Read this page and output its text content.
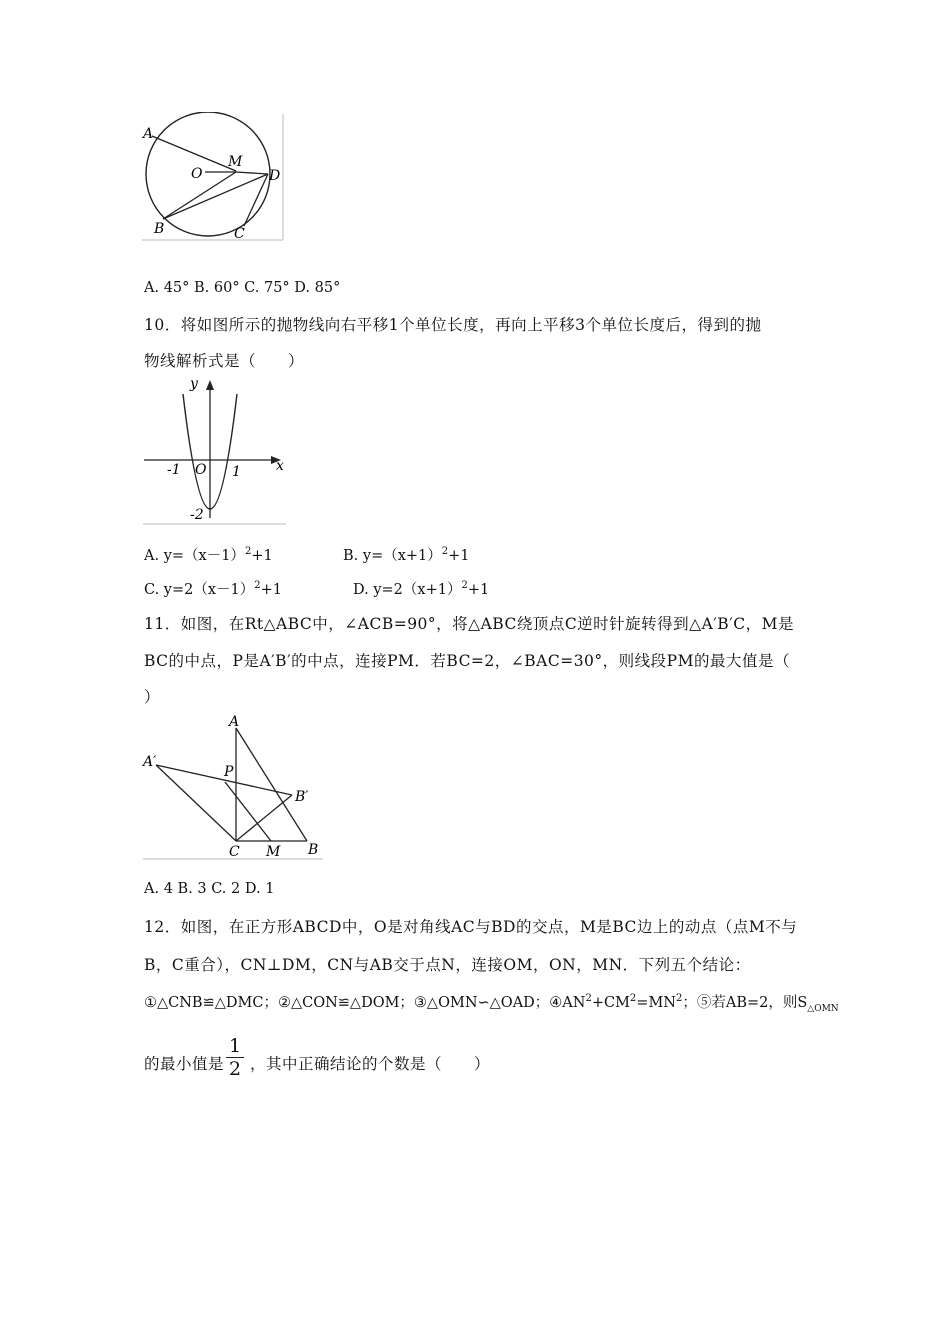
A
M
O	D
B	C
A. 45° B. 60° C. 75° D. 85°
10．将如图所示的抛物线向右平移1个单位长度，再向上平移3个单位长度后，得到的抛
物线解析式是（　　）
y
x
O
-1	1
-2
A. $y=(x-1)^2+1$	B. $y=(x+1)^2+1$
C. $y=2(x-1)^2+1$	D. $y=2(x+1)^2+1$
11．如图，在Rt△ABC中，∠ACB=90°，将△ABC绕顶点C逆时针旋转得到△A′B′C，M是
BC的中点，P是A′B′的中点，连接PM．若BC=2，∠BAC=30°，则线段PM的最大值是（
）
A
A′
P
B′
C M B
A. 4 B. 3 C. 2 D. 1
12．如图，在正方形ABCD中，O是对角线AC与BD的交点，M是BC边上的动点（点M不与
B，C重合），CN⊥DM，CN与AB交于点N，连接OM，ON，MN．下列五个结论：
①△CNB≌△DMC；②△CON≌△DOM；③△OMN∽△OAD；$④AN^2+CM^2=MN^2$；⑤若AB=2，则$S_{\triangle OMN}$
的最小值是
1
2 ，其中正确结论的个数是（　　）
